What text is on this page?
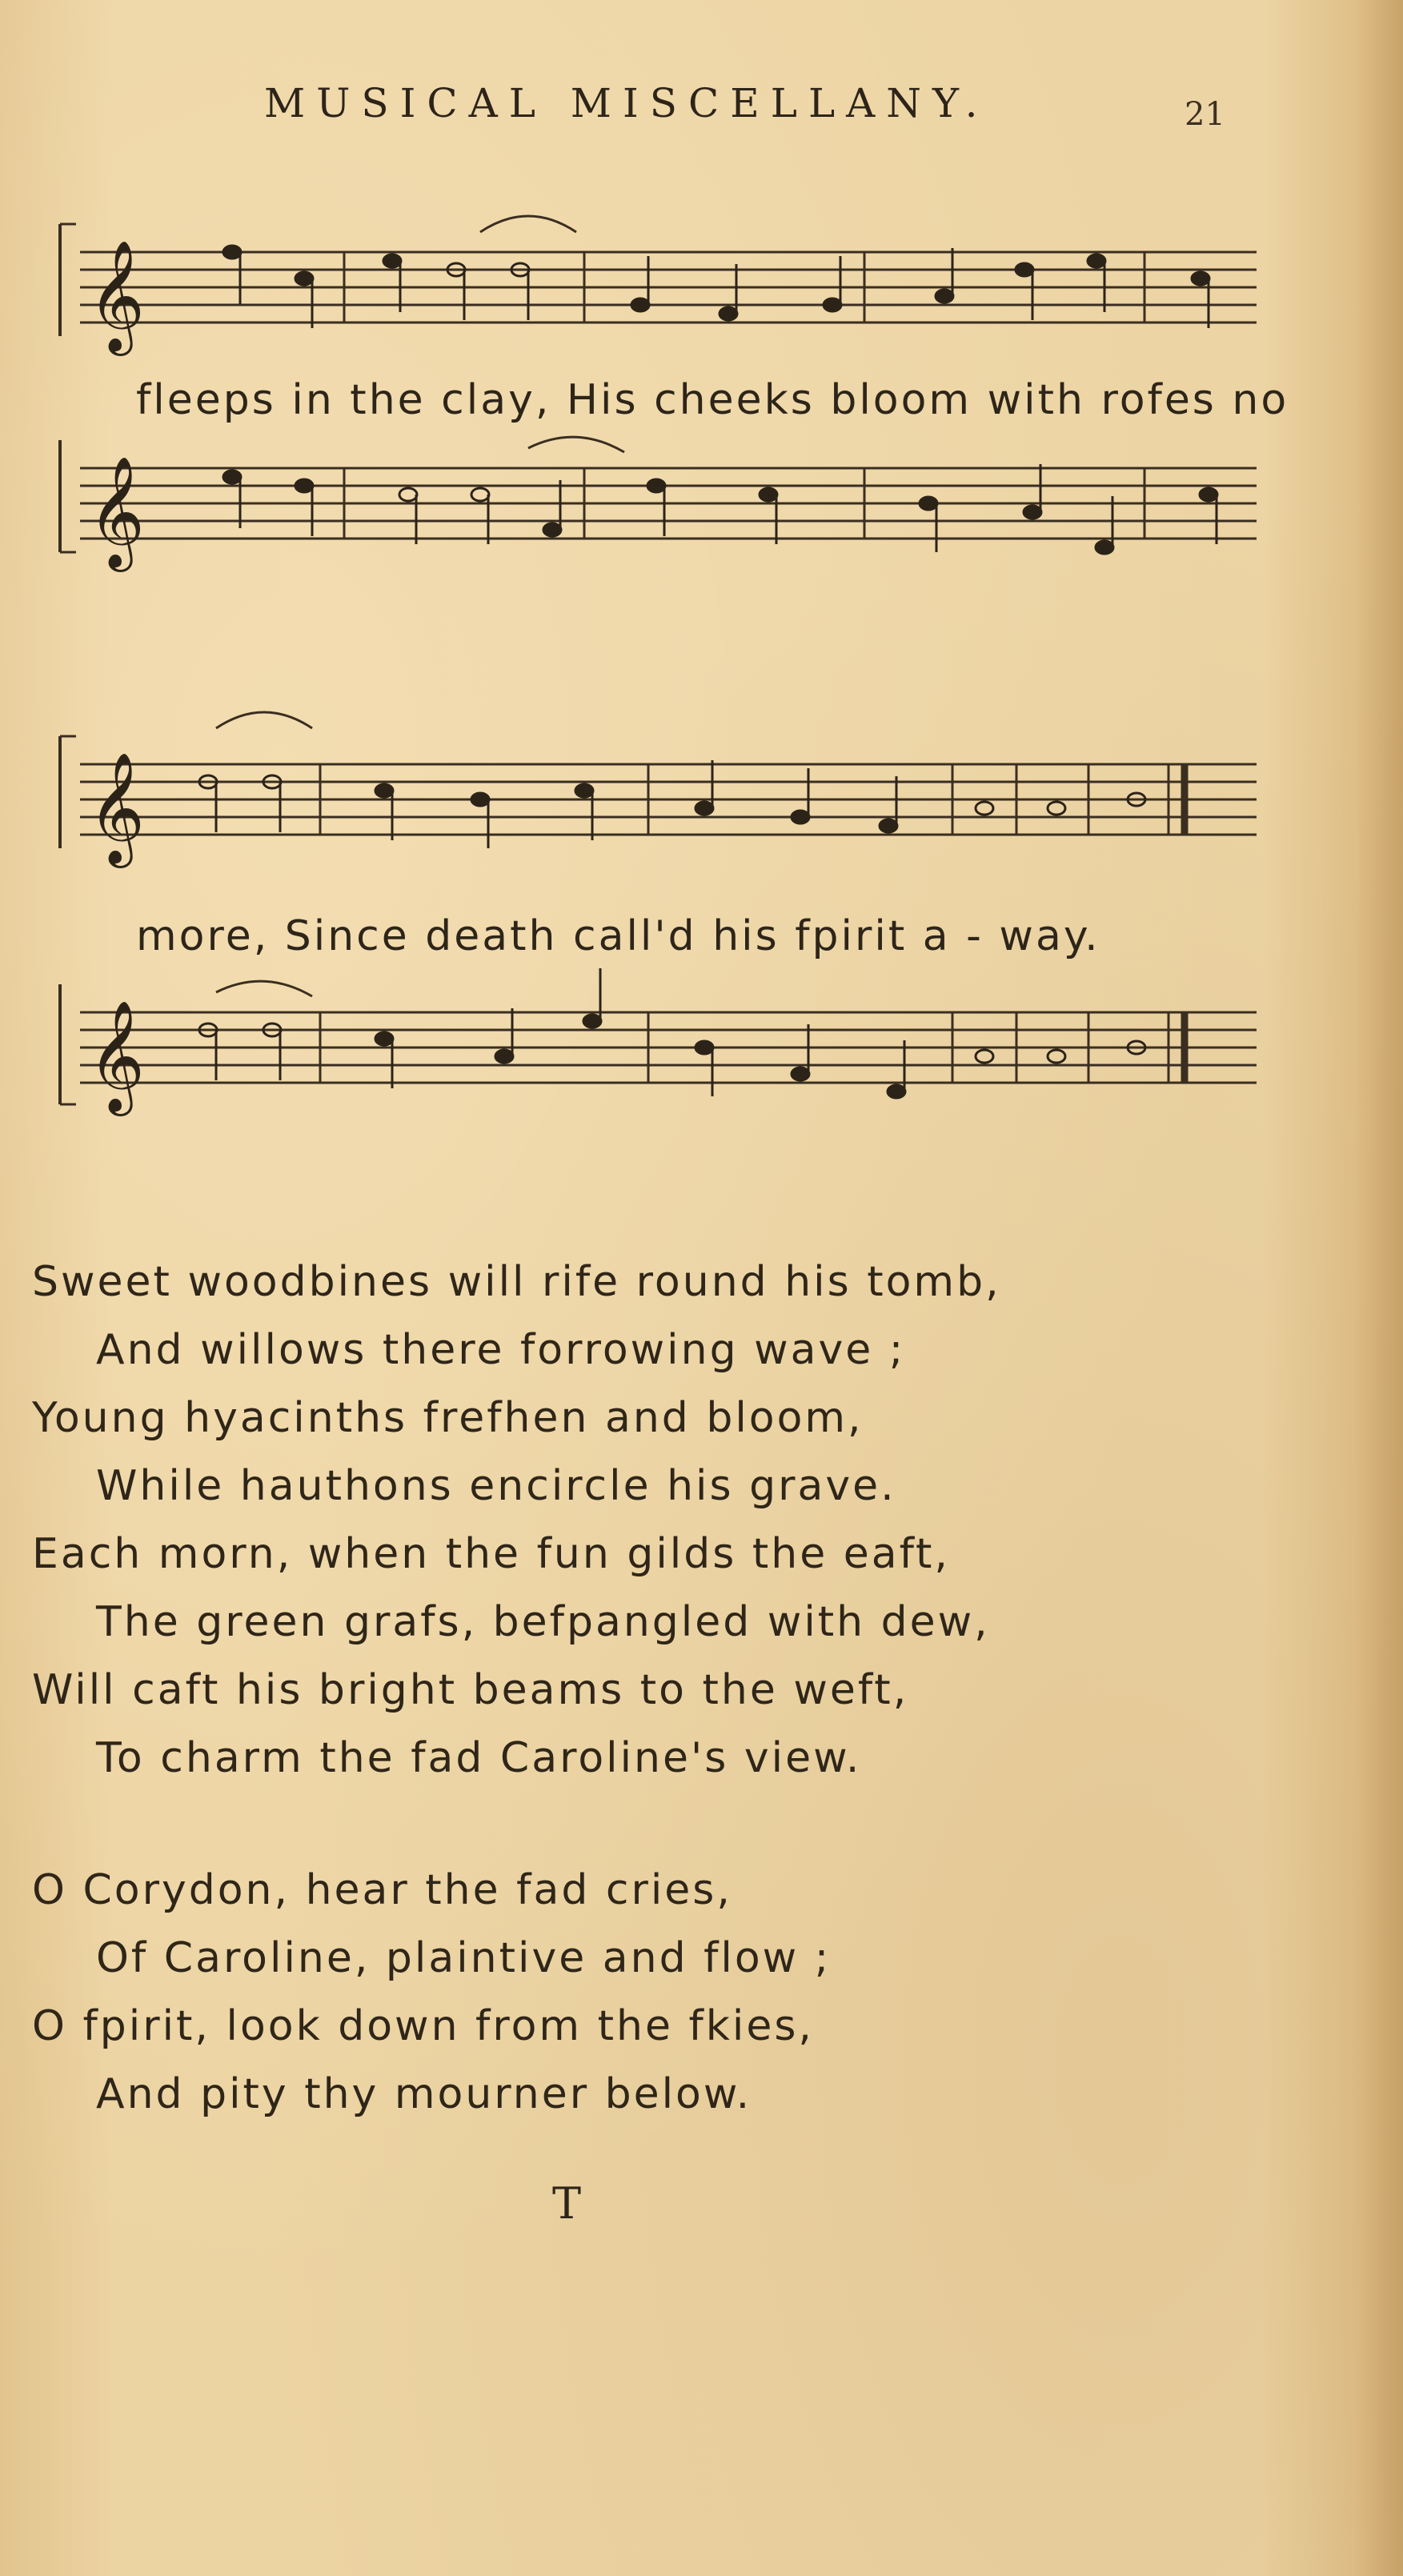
MUSICAL MISCELLANY.	21
𝄞
𝄞
fleeps in the clay, His cheeks bloom with rofes no
𝄞
𝄞
more, Since death call'd his fpirit a - way.
Sweet woodbines will rife round his tomb,
And willows there forrowing wave ;
Young hyacinths frefhen and bloom,
While hauthons encircle his grave.
Each morn, when the fun gilds the eaft,
The green grafs, befpangled with dew,
Will caft his bright beams to the weft,
To charm the fad Caroline's view.
O Corydon, hear the fad cries,
Of Caroline, plaintive and flow ;
O fpirit, look down from the fkies,
And pity thy mourner below.
T
